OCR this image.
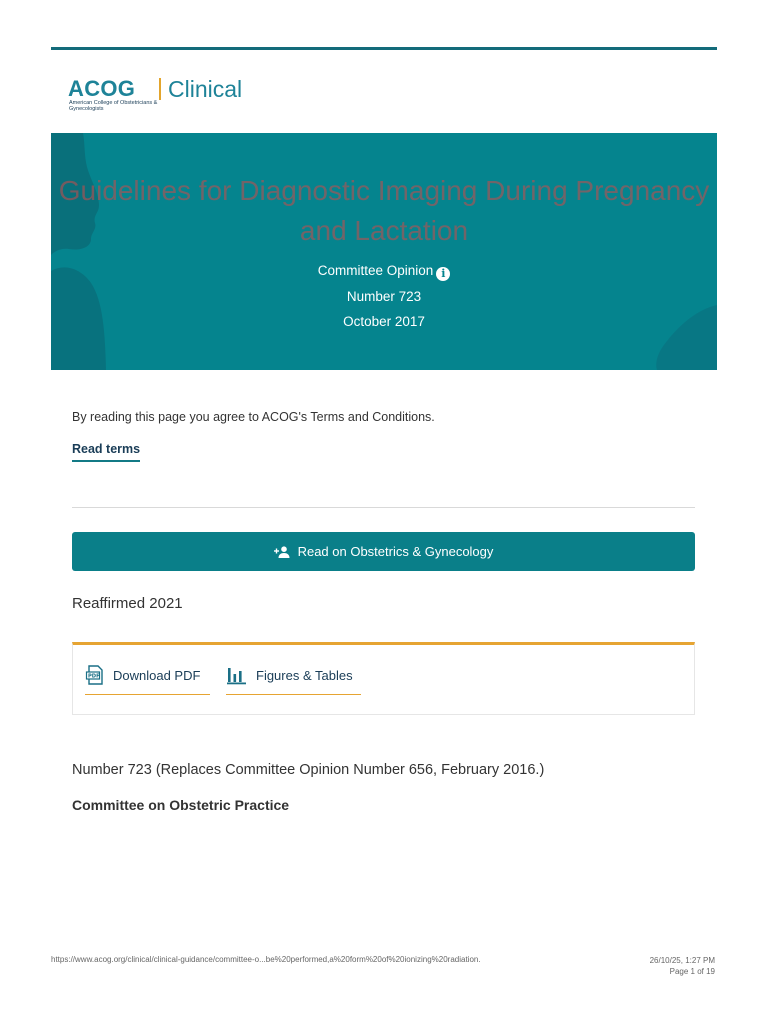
ACOG
American College of Obstetricians & Gynecologists
Clinical
Guidelines for Diagnostic Imaging During Pregnancy and Lactation
Committee Opinion i
Number 723
October 2017
By reading this page you agree to ACOG's Terms and Conditions.
Read terms
Read on Obstetrics & Gynecology
Reaffirmed 2021
PDF Download PDF	Figures & Tables
Number 723 (Replaces Committee Opinion Number 656, February 2016.)
Committee on Obstetric Practice
https://www.acog.org/clinical/clinical-guidance/committee-o...be%20performed,a%20form%20of%20ionizing%20radiation.	26/10/25, 1:27 PM
Page 1 of 19
